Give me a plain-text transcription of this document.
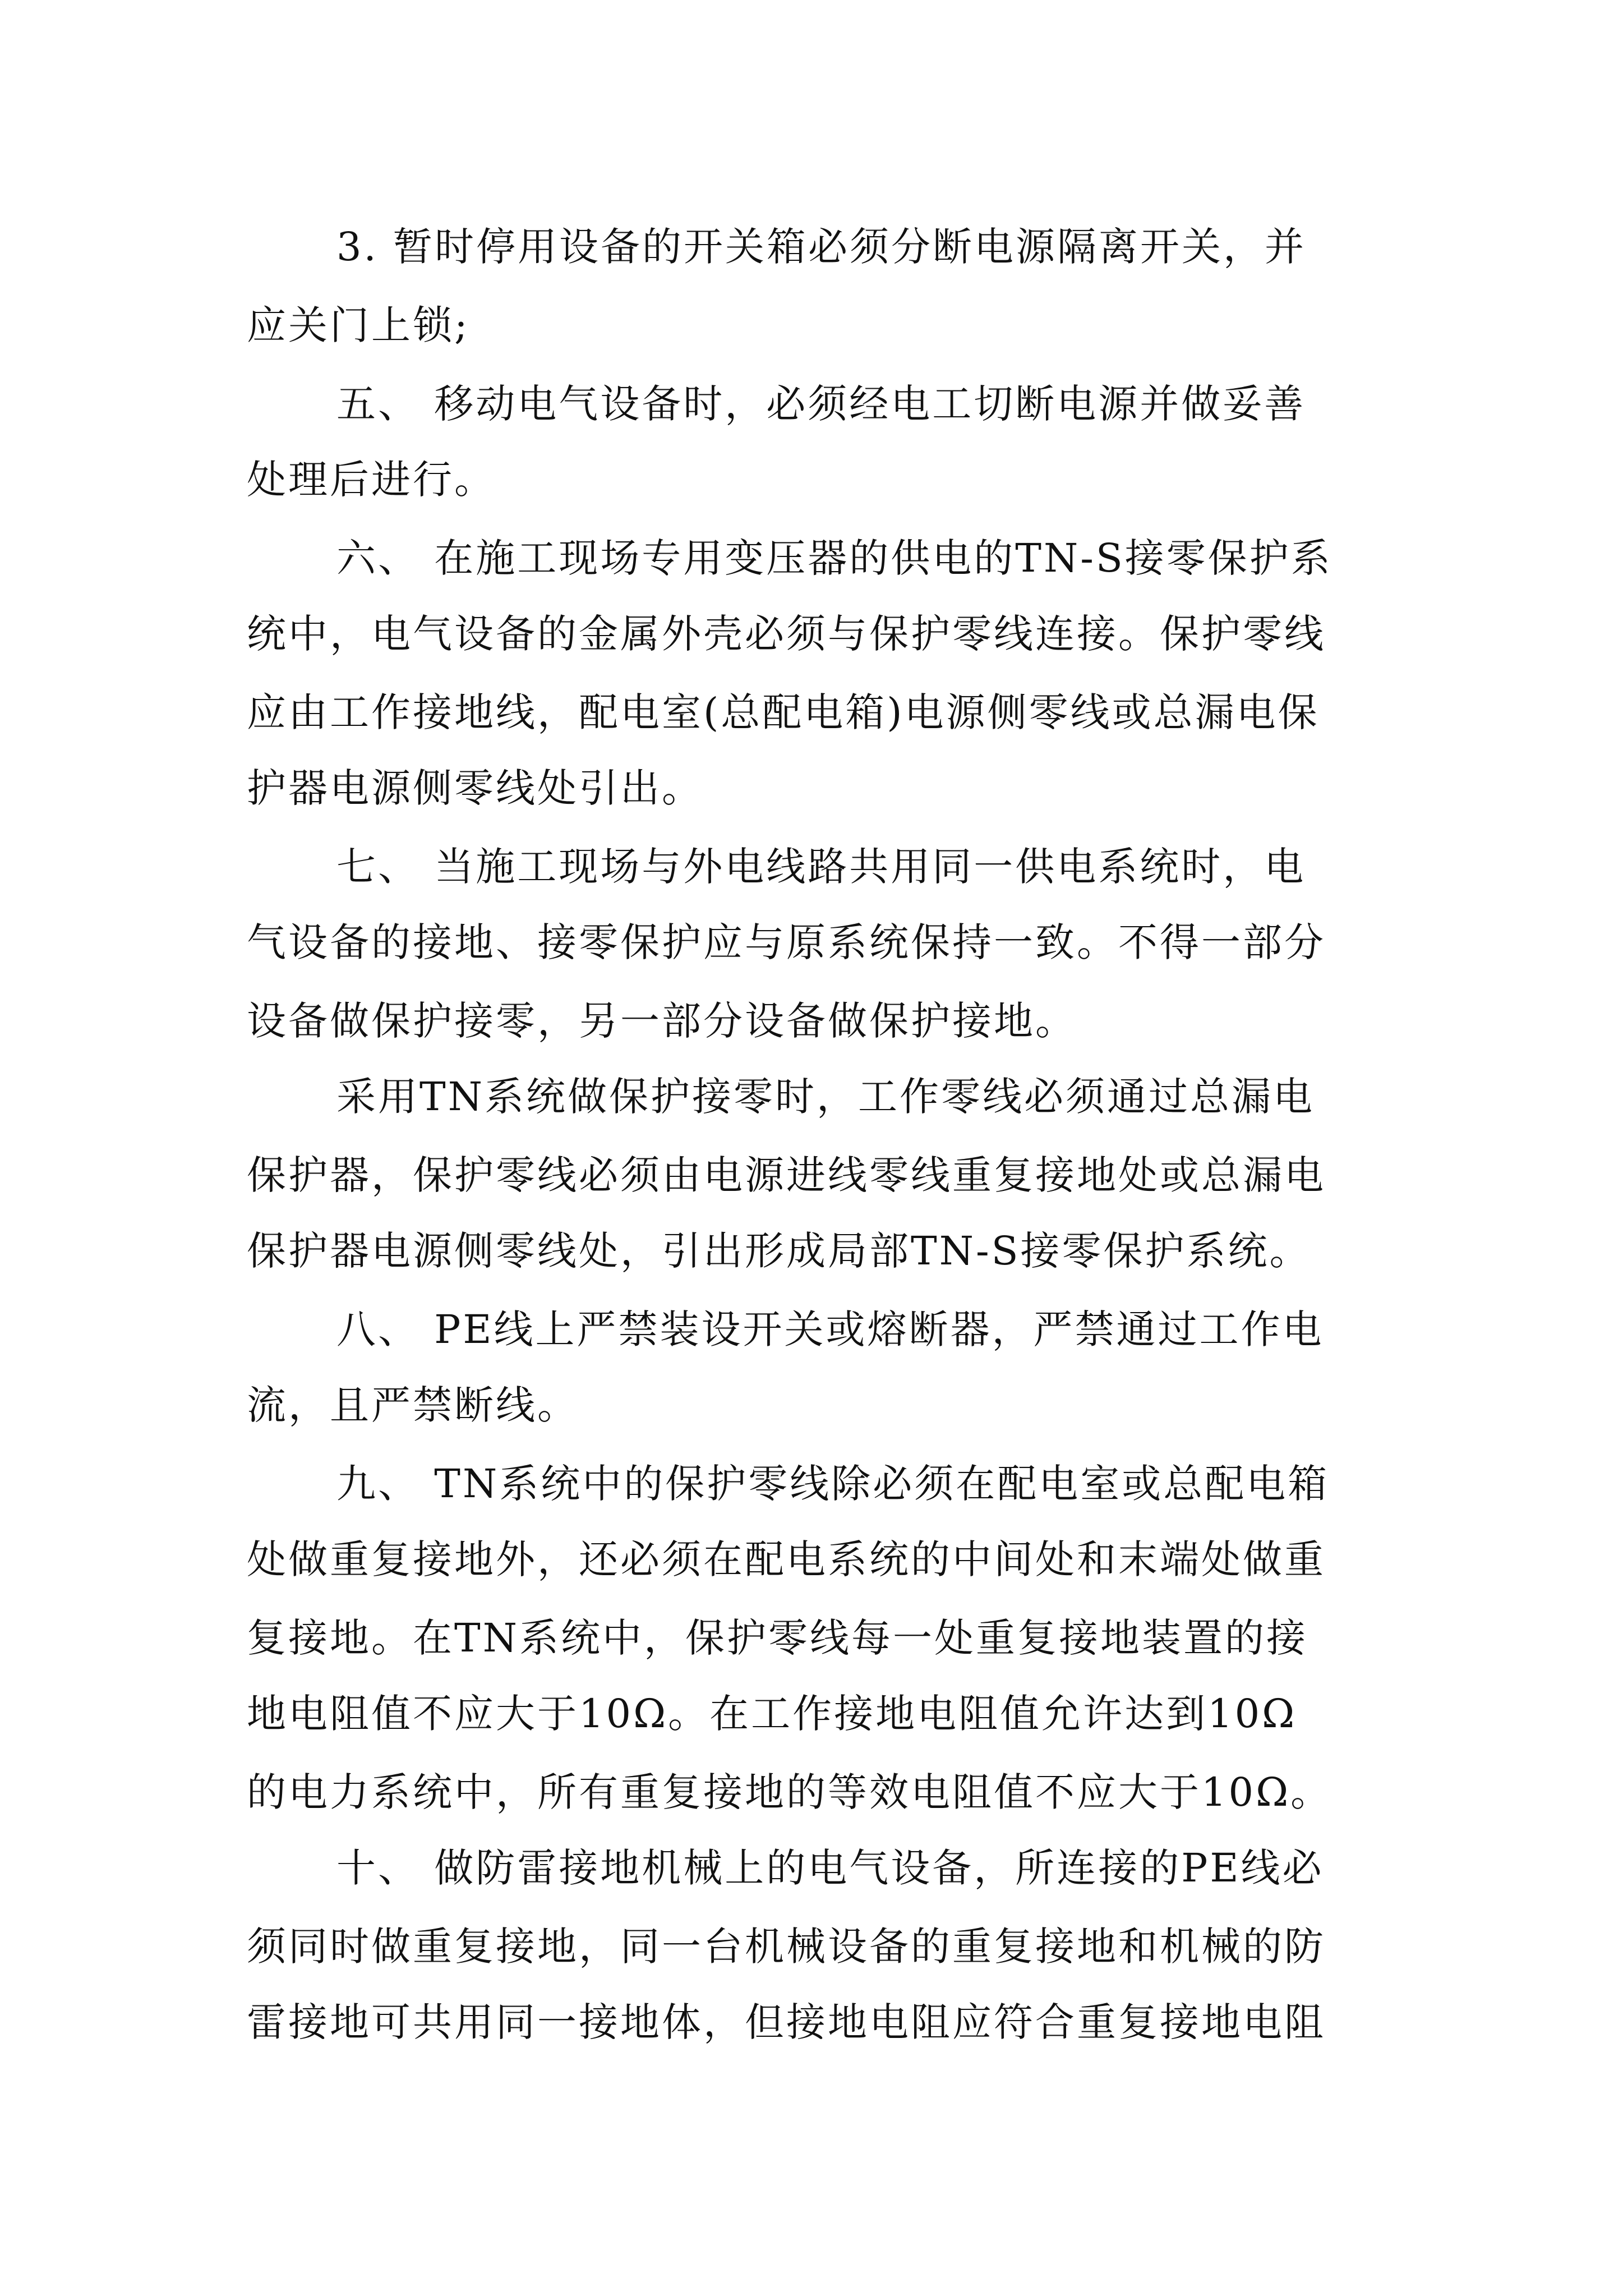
3. 暂时停用设备的开关箱必须分断电源隔离开关，并
应关门上锁;
五、 移动电气设备时，必须经电工切断电源并做妥善
处理后进行。
六、 在施工现场专用变压器的供电的TN-S接零保护系
统中，电气设备的金属外壳必须与保护零线连接。保护零线
应由工作接地线，配电室(总配电箱)电源侧零线或总漏电保
护器电源侧零线处引出。
七、 当施工现场与外电线路共用同一供电系统时，电
气设备的接地、接零保护应与原系统保持一致。不得一部分
设备做保护接零，另一部分设备做保护接地。
采用TN系统做保护接零时，工作零线必须通过总漏电
保护器，保护零线必须由电源进线零线重复接地处或总漏电
保护器电源侧零线处，引出形成局部TN-S接零保护系统。
八、 PE线上严禁装设开关或熔断器，严禁通过工作电
流，且严禁断线。
九、 TN系统中的保护零线除必须在配电室或总配电箱
处做重复接地外，还必须在配电系统的中间处和末端处做重
复接地。在TN系统中，保护零线每一处重复接地装置的接
地电阻值不应大于10Ω。在工作接地电阻值允许达到10Ω
的电力系统中，所有重复接地的等效电阻值不应大于10Ω。
十、 做防雷接地机械上的电气设备，所连接的PE线必
须同时做重复接地，同一台机械设备的重复接地和机械的防
雷接地可共用同一接地体，但接地电阻应符合重复接地电阻
